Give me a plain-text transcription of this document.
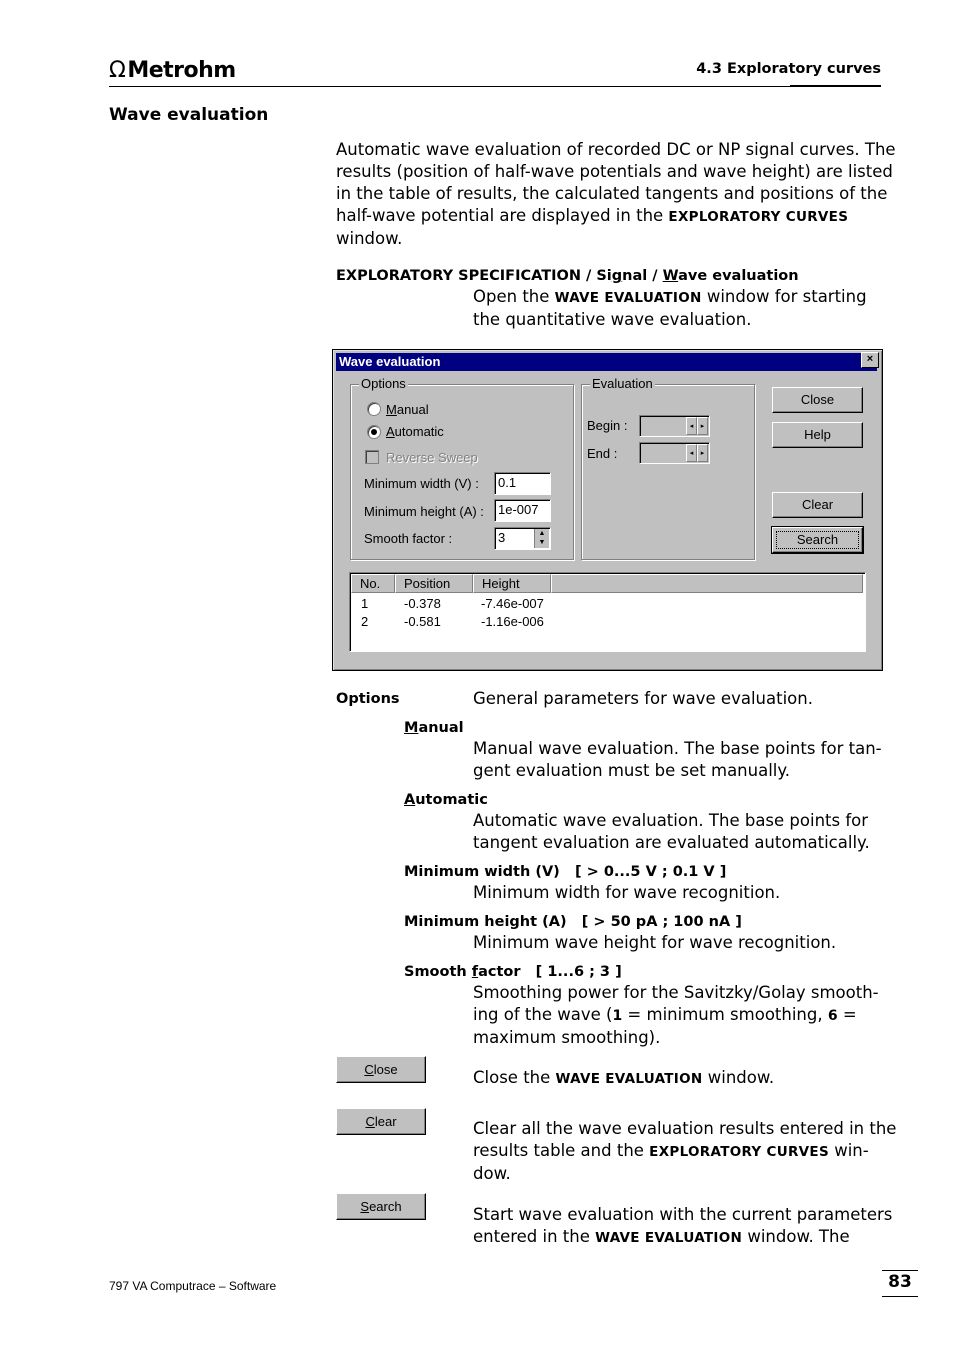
Ω Metrohm	4.3 Exploratory curves
Wave evaluation
Automatic wave evaluation of recorded DC or NP signal curves. The
results (position of half-wave potentials and wave height) are listed
in the table of results, the calculated tangents and positions of the
half-wave potential are displayed in the EXPLORATORY CURVES
window.
EXPLORATORY SPECIFICATION / Signal / Wave evaluation
Open the WAVE EVALUATION window for starting
the quantitative wave evaluation.
Wave evaluation	×
Options
Manual
Automatic
Reverse Sweep
Minimum width (V) :	0.1
Minimum height (A) :	1e-007
Smooth factor :	3	▲
▼
Evaluation
Begin :	◂	▸
End :	◂	▸
Close
Help
Clear
Search
No.	Position	Height
1	-0.378	-7.46e-007
2	-0.581	-1.16e-006
Options	General parameters for wave evaluation.
Manual
Manual wave evaluation. The base points for tan-
gent evaluation must be set manually.
Automatic
Automatic wave evaluation. The base points for
tangent evaluation are evaluated automatically.
Minimum width (V)   [ > 0...5 V ; 0.1 V ]
Minimum width for wave recognition.
Minimum height (A)   [ > 50 pA ; 100 nA ]
Minimum wave height for wave recognition.
Smooth factor   [ 1...6 ; 3 ]
Smoothing power for the Savitzky/Golay smooth-
ing of the wave (1 = minimum smoothing, 6 =
maximum smoothing).
Close	Close the WAVE EVALUATION window.
Clear	Clear all the wave evaluation results entered in the
results table and the EXPLORATORY CURVES win-
dow.
Search	Start wave evaluation with the current parameters
entered in the WAVE EVALUATION window. The
797 VA Computrace – Software	83
